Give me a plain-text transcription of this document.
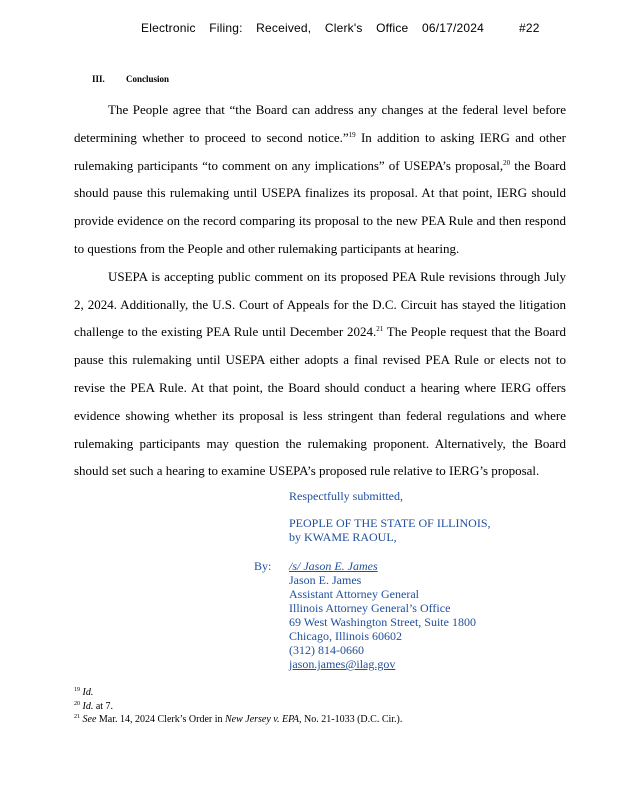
Electronic Filing: Received, Clerk's Office 06/17/2024	#22
III. Conclusion

The People agree that “the Board can address any changes at the federal level before determining whether to proceed to second notice.”$^{19}$ In addition to asking IERG and other rulemaking participants “to comment on any implications” of USEPA’s proposal,$^{20}$ the Board should pause this rulemaking until USEPA finalizes its proposal. At that point, IERG should provide evidence on the record comparing its proposal to the new PEA Rule and then respond to questions from the People and other rulemaking participants at hearing.

USEPA is accepting public comment on its proposed PEA Rule revisions through July 2, 2024. Additionally, the U.S. Court of Appeals for the D.C. Circuit has stayed the litigation challenge to the existing PEA Rule until December 2024.21 The People request that the Board pause this rulemaking until USEPA either adopts a final revised PEA Rule or elects not to revise the PEA Rule. At that point, the Board should conduct a hearing where IERG offers evidence showing whether its proposal is less stringent than federal regulations and where rulemaking participants may question the rulemaking proponent. Alternatively, the Board should set such a hearing to examine USEPA’s proposed rule relative to IERG’s proposal.

Respectfully submitted,
PEOPLE OF THE STATE OF ILLINOIS,
by KWAME RAOUL,
By: /s/ Jason E. James
Jason E. James
Assistant Attorney General
Illinois Attorney General’s Office
69 West Washington Street, Suite 1800
Chicago, Illinois 60602
(312) 814-0660
jason.james@ilag.gov
$^{19}$ Id.
$^{20}$ Id. at 7.
$^{21}$ See Mar. 14, 2024 Clerk’s Order in New Jersey v. EPA, No. 21-1033 (D.C. Cir.).
